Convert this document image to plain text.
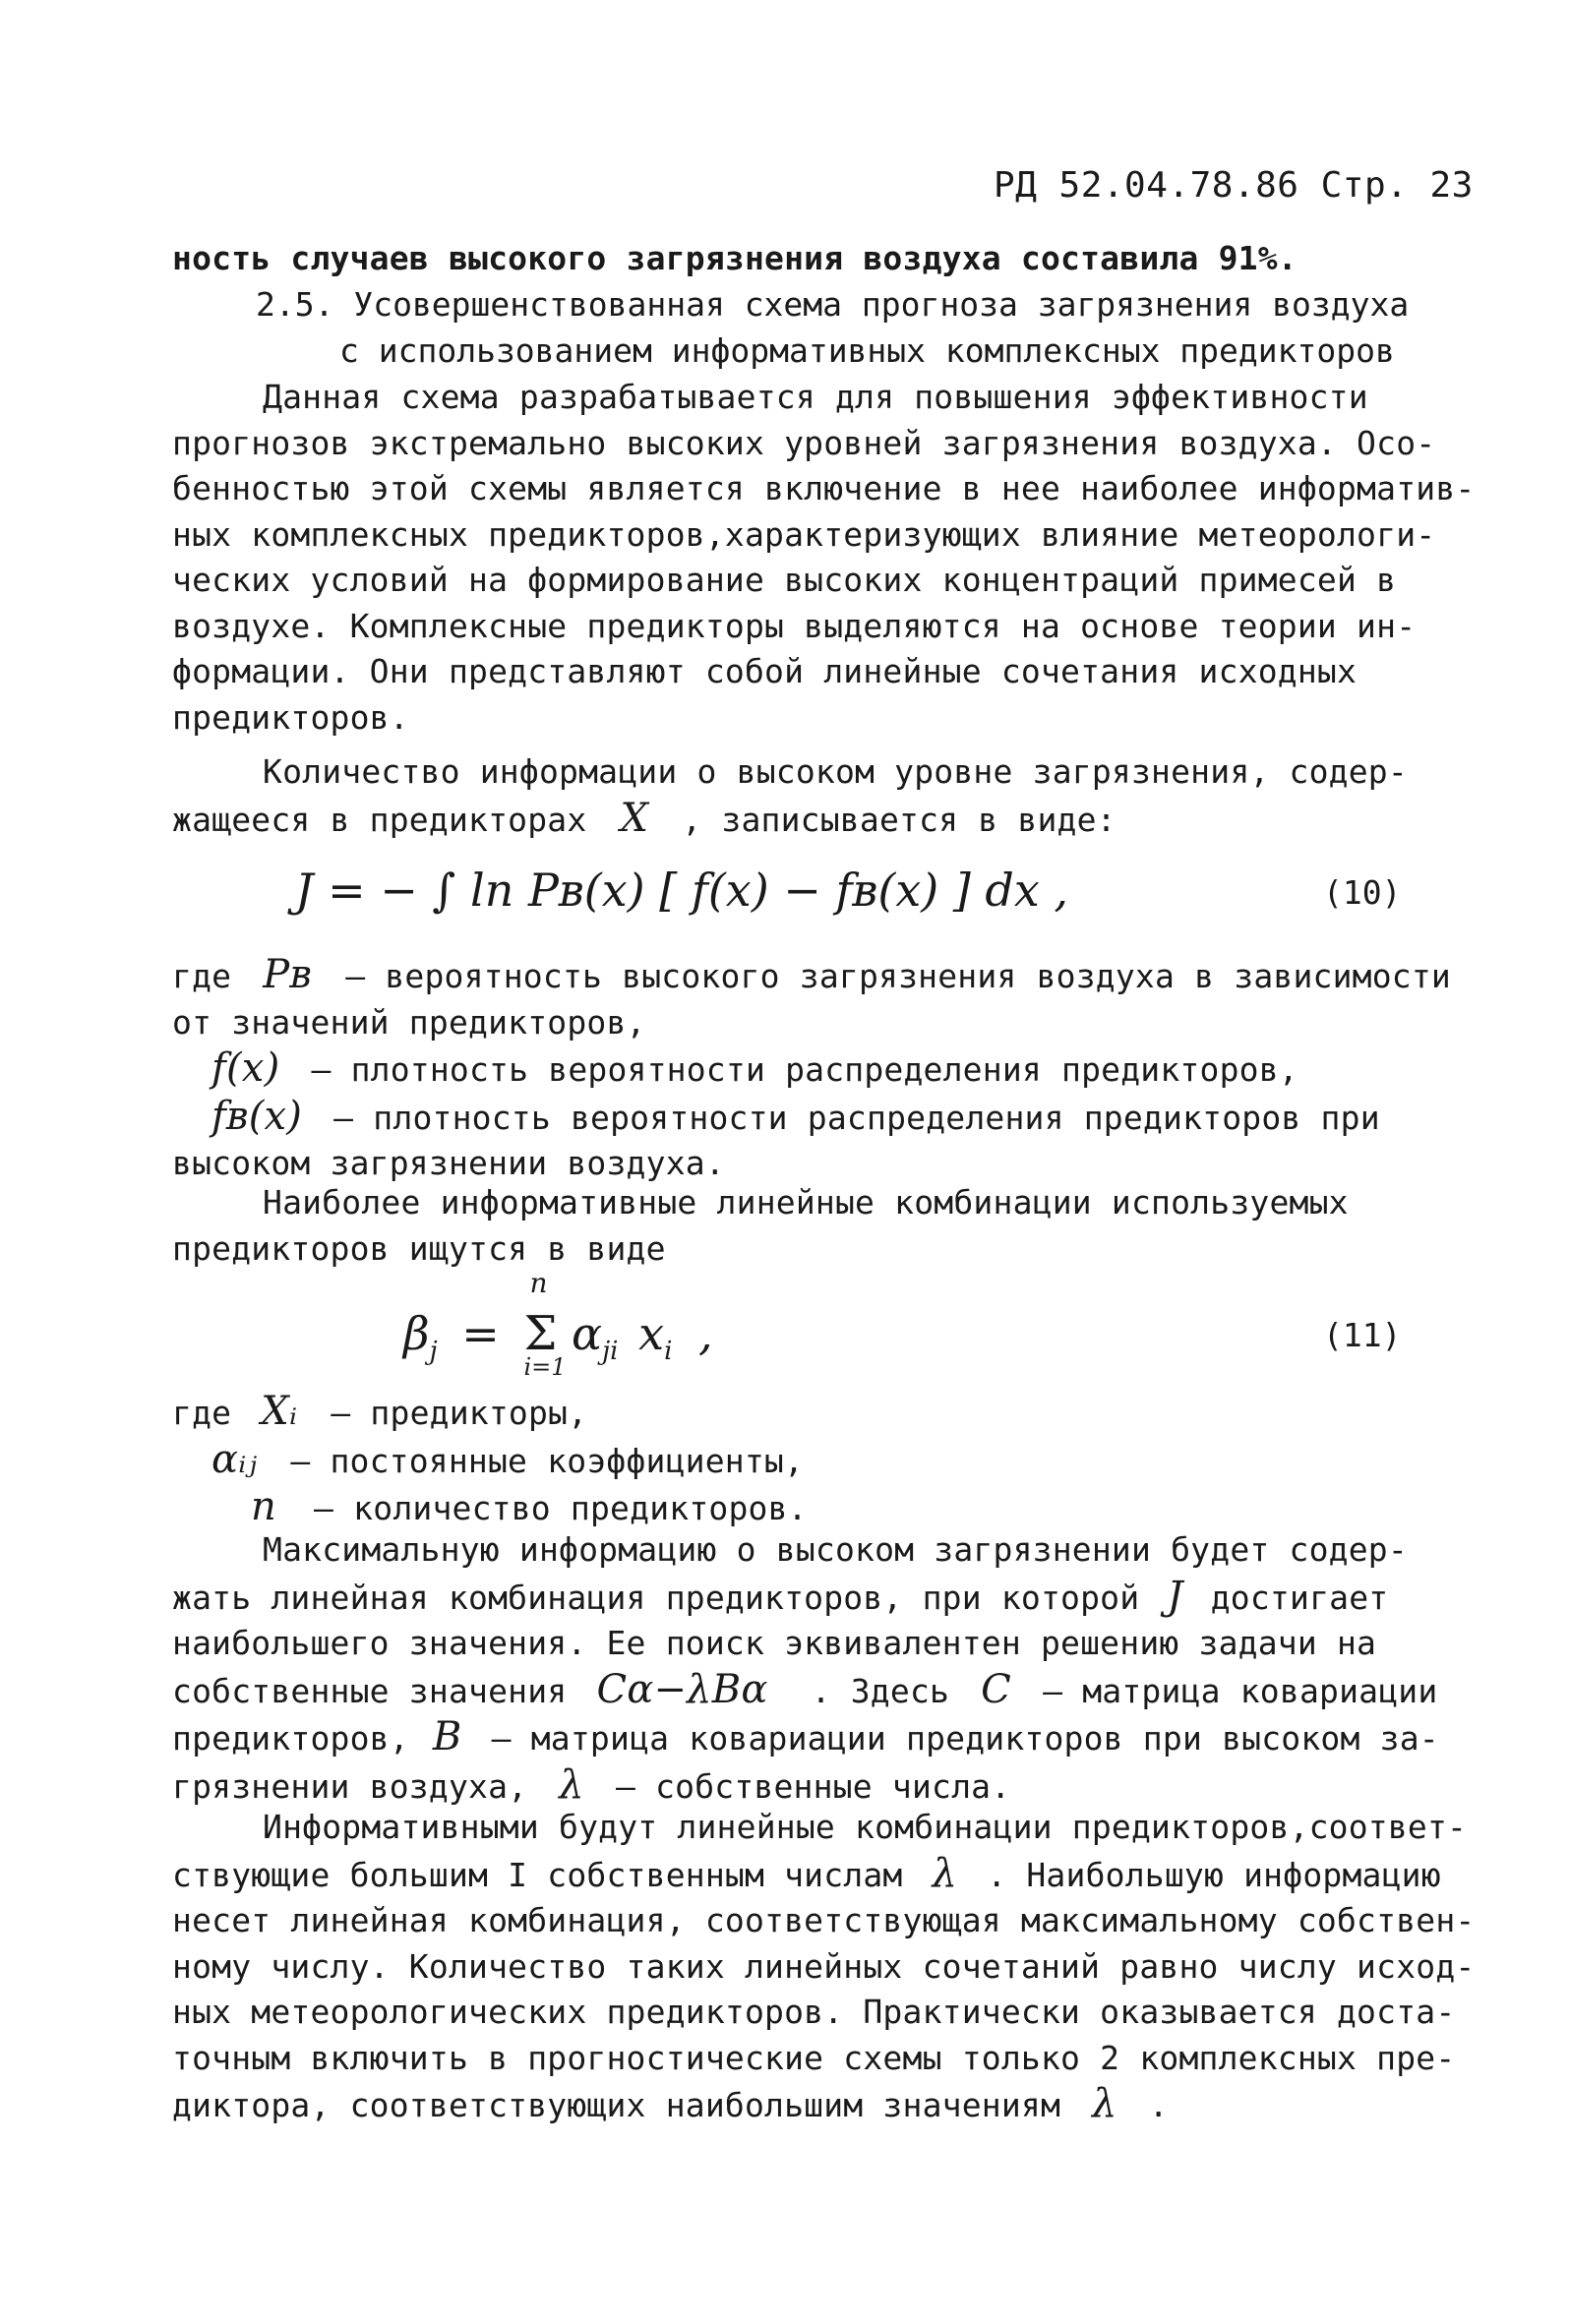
РД 52.04.78.86 Стр. 23
ность случаев высокого загрязнения воздуха составила 91%.
2.5. Усовершенствованная схема прогноза загрязнения воздуха
с использованием информативных комплексных предикторов
Данная схема разрабатывается для повышения эффективности
прогнозов экстремально высоких уровней загрязнения воздуха. Осо-
бенностью этой схемы является включение в нее наиболее информатив-
ных комплексных предикторов,характеризующих влияние метеорологи-
ческих условий на формирование высоких концентраций примесей в
воздухе. Комплексные предикторы выделяются на основе теории ин-
формации. Они представляют собой линейные сочетания исходных
предикторов.
Количество информации о высоком уровне загрязнения, содер-
жащееся в предикторах X , записывается в виде:
J = − ∫ ln Pʙ(x) [ f(x) − fʙ(x) ] dx ,	(10)
где Pʙ – вероятность высокого загрязнения воздуха в зависимости
от значений предикторов,
f(x) – плотность вероятности распределения предикторов,
fʙ(x) – плотность вероятности распределения предикторов при
высоком загрязнении воздуха.
Наиболее информативные линейные комбинации используемых
предикторов ищутся в виде
$\beta_j = \Sigma$
n
i=1
$\alpha_{ji}$ $x_i$ ,	(11)
где Xᵢ – предикторы,
αᵢⱼ – постоянные коэффициенты,
n – количество предикторов.
Максимальную информацию о высоком загрязнении будет содер-
жать линейная комбинация предикторов, при которой J достигает
наибольшего значения. Ее поиск эквивалентен решению задачи на
собственные значения Cα−λBα . Здесь C – матрица ковариации
предикторов, B – матрица ковариации предикторов при высоком за-
грязнении воздуха, λ – собственные числа.
Информативными будут линейные комбинации предикторов,соответ-
ствующие большим I собственным числам λ . Наибольшую информацию
несет линейная комбинация, соответствующая максимальному собствен-
ному числу. Количество таких линейных сочетаний равно числу исход-
ных метеорологических предикторов. Практически оказывается доста-
точным включить в прогностические схемы только 2 комплексных пре-
диктора, соответствующих наибольшим значениям λ .
